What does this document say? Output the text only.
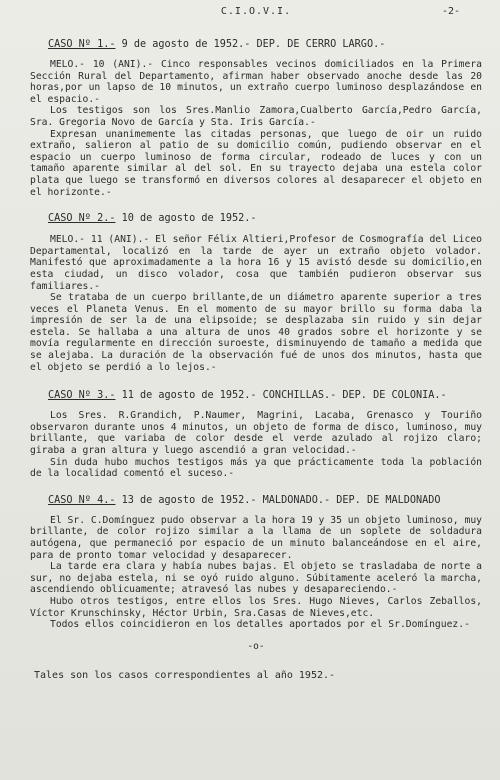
C.I.O.V.I.	-2-

CASO Nº 1.- 9 de agosto de 1952.- DEP. DE CERRO LARGO.-

MELO.- 10 (ANI).- Cinco responsables vecinos domiciliados en la Primera Sección Rural del Departamento, afirman haber observado anoche desde las 20 horas,por un lapso de 10 minutos, un extraño cuerpo luminoso desplazándose en el espacio.-

Los testigos son los Sres.Manlio Zamora,Cualberto García,Pedro García, Sra. Gregoria Novo de García y Sta. Iris García.-

Expresan unanimemente las citadas personas, que luego de oir un ruido extraño, salieron al patio de su domicilio común, pudiendo observar en el espacio un cuerpo luminoso de forma circular, rodeado de luces y con un tamaño aparente similar al del sol. En su trayecto dejaba una estela color plata que luego se transformó en diversos colores al desaparecer el objeto en el horizonte.-

CASO Nº 2.- 10 de agosto de 1952.-

MELO.- 11 (ANI).- El señor Félix Altieri,Profesor de Cosmografía del Liceo Departamental, localizó en la tarde de ayer un extraño objeto volador. Manifestó que aproximadamente a la hora 16 y 15 avistó desde su domicilio,en esta ciudad, un disco volador, cosa que también pudieron observar sus familiares.-

Se trataba de un cuerpo brillante,de un diámetro aparente superior a tres veces el Planeta Venus. En el momento de su mayor brillo su forma daba la impresión de ser la de una elipsoide; se desplazaba sin ruido y sin dejar estela. Se hallaba a una altura de unos 40 grados sobre el horizonte y se movía regularmente en dirección suroeste, disminuyendo de tamaño a medida que se alejaba. La duración de la observación fué de unos dos minutos, hasta que el objeto se perdió a lo lejos.-

CASO Nº 3.- 11 de agosto de 1952.- CONCHILLAS.- DEP. DE COLONIA.-

Los Sres. R.Grandich, P.Naumer, Magrini, Lacaba, Grenasco y Touriño observaron durante unos 4 minutos, un objeto de forma de disco, luminoso, muy brillante, que variaba de color desde el verde azulado al rojizo claro; giraba a gran altura y luego ascendió a gran velocidad.-

Sin duda hubo muchos testigos más ya que prácticamente toda la población de la localidad comentó el suceso.-

CASO Nº 4.- 13 de agosto de 1952.- MALDONADO.- DEP. DE MALDONADO

El Sr. C.Domínguez pudo observar a la hora 19 y 35 un objeto luminoso, muy brillante, de color rojizo similar a la llama de un soplete de soldadura autógena, que permaneció por espacio de un minuto balanceándose en el aire, para de pronto tomar velocidad y desaparecer.

La tarde era clara y había nubes bajas. El objeto se trasladaba de norte a sur, no dejaba estela, ni se oyó ruido alguno. Súbitamente aceleró la marcha, ascendiendo oblicuamente; atravesó las nubes y desapareciendo.-

Hubo otros testigos, entre ellos los Sres. Hugo Nieves, Carlos Zeballos, Víctor Krunschinsky, Héctor Urbin, Sra.Casas de Nieves,etc.

Todos ellos coincidieron en los detalles aportados por el Sr.Domínguez.-

-o-

Tales son los casos correspondientes al año 1952.-
